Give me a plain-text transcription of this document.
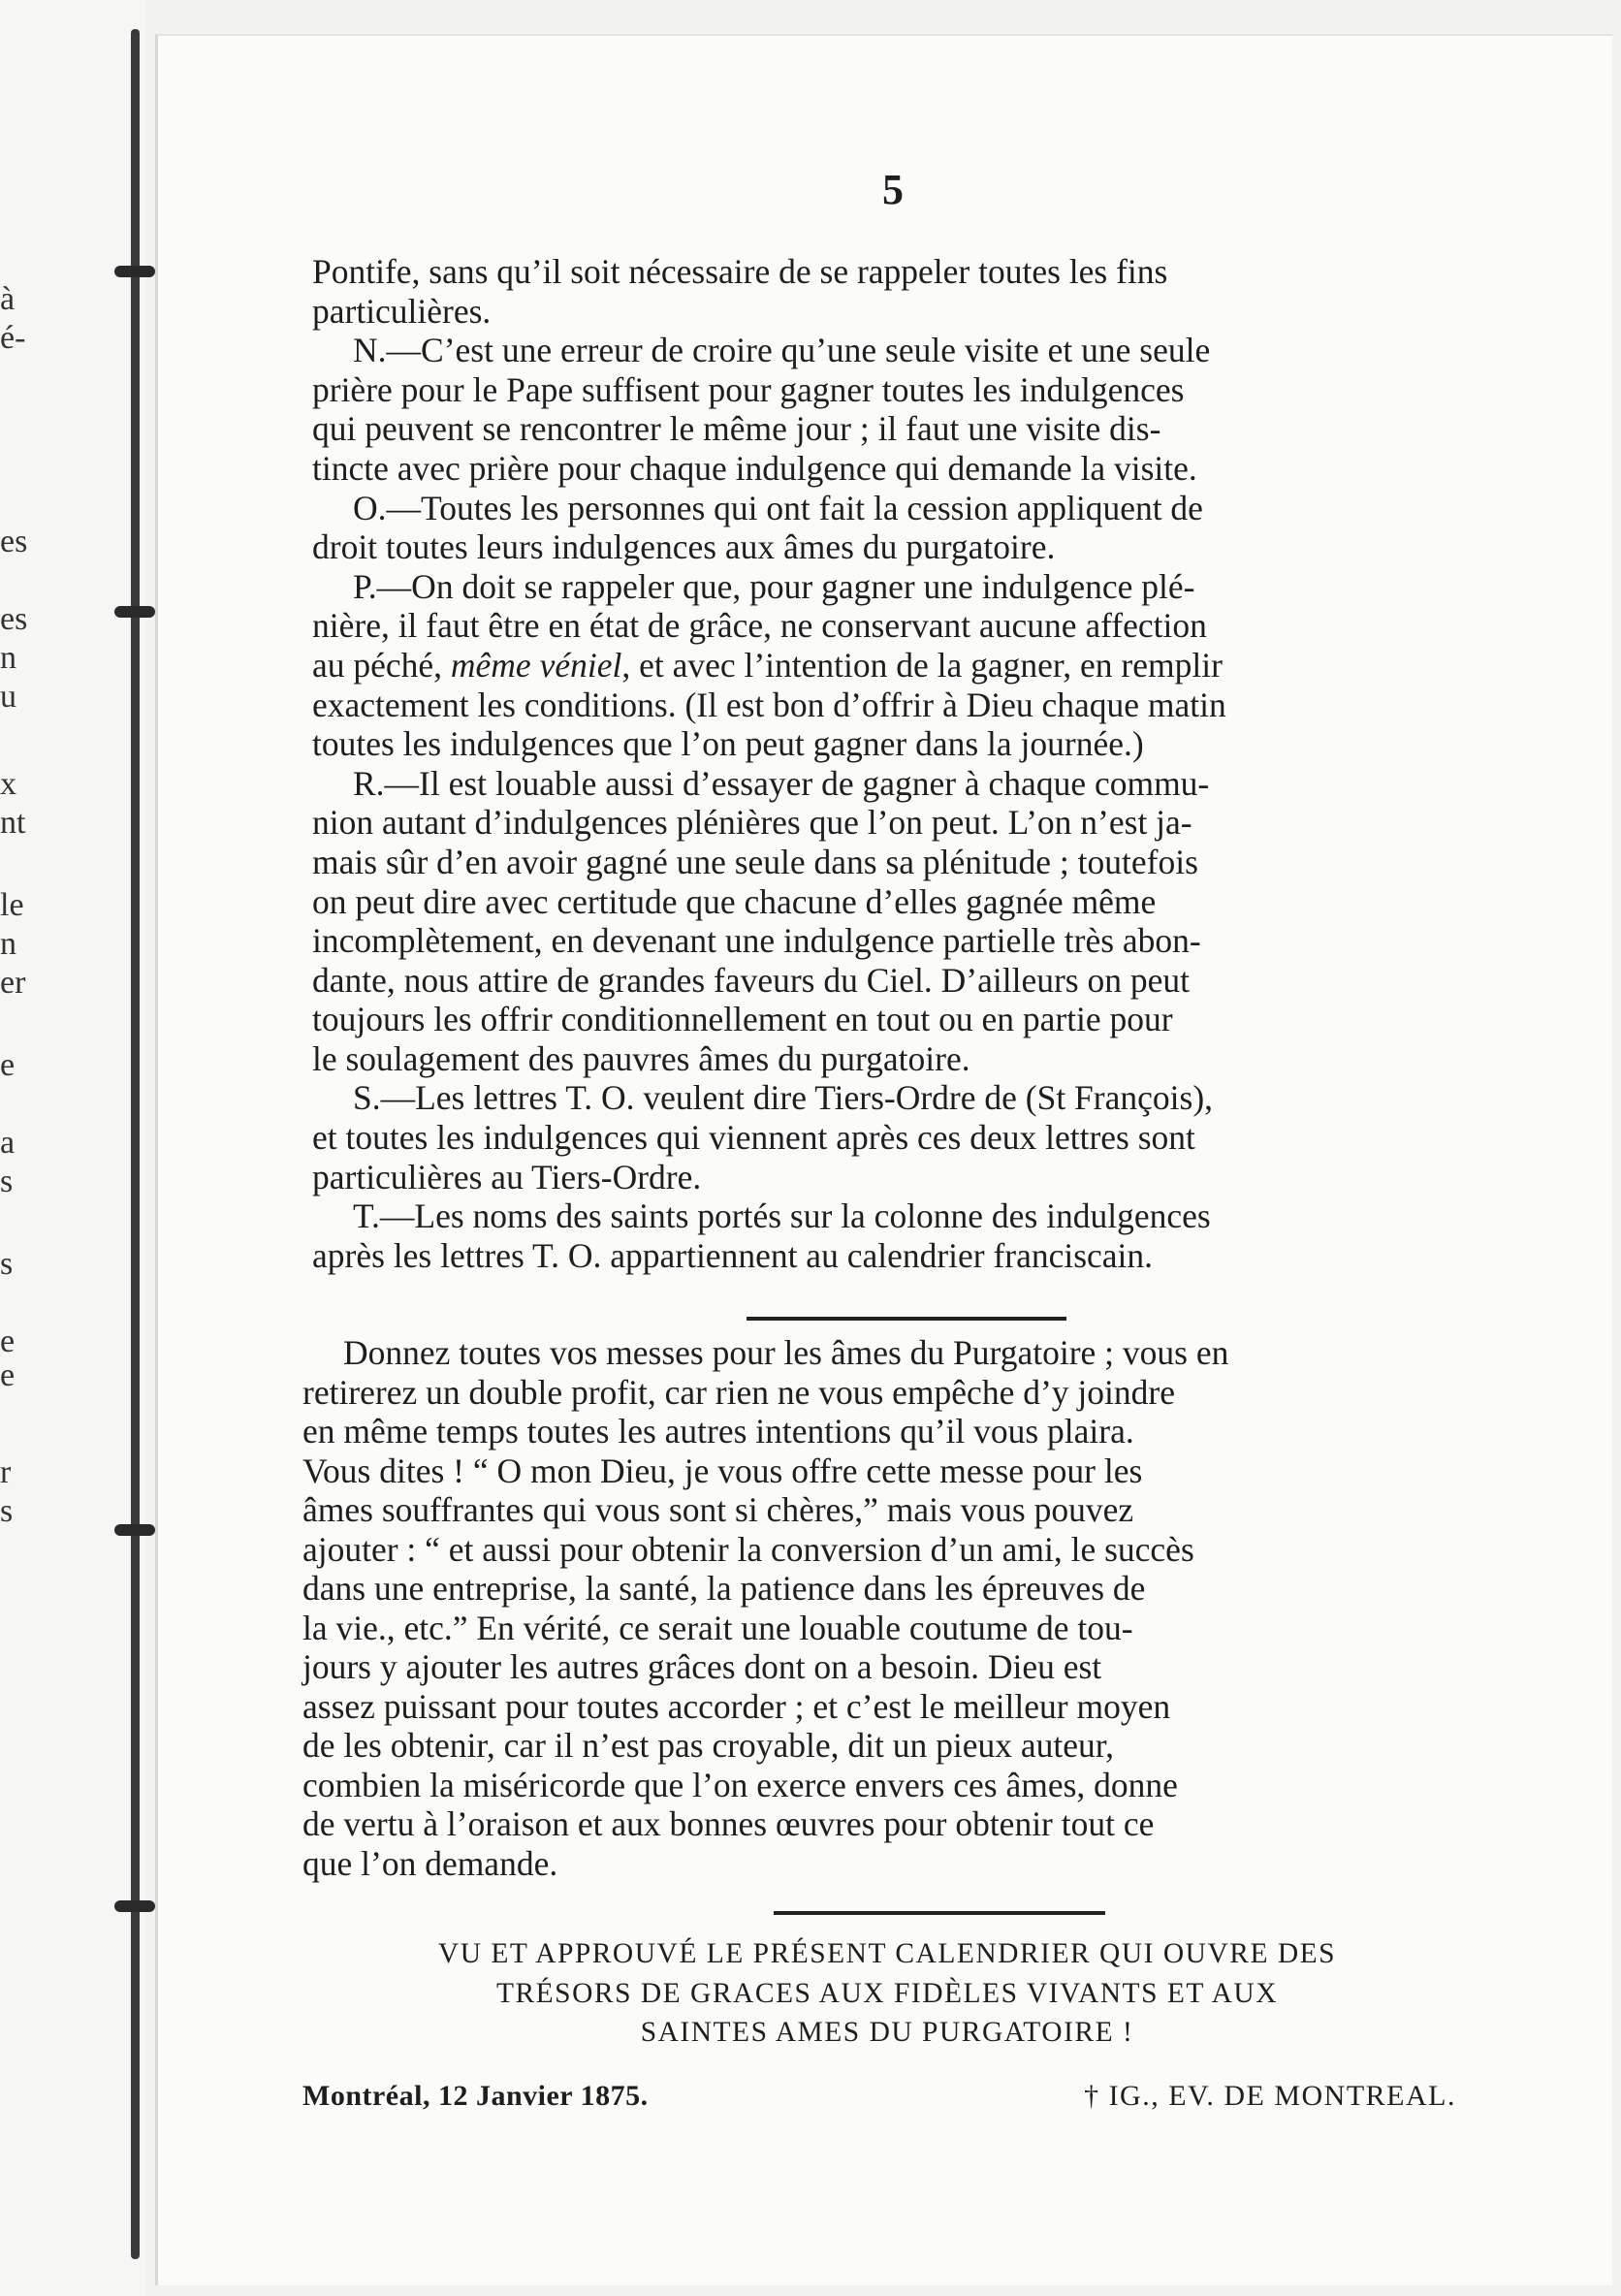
à
é-
es
es
n
u
x
nt
le
n
er
e
a
s
s
e
e
r
s
5

Pontife, sans qu’il soit nécessaire de se rappeler toutes les fins
particulières.

N.—C’est une erreur de croire qu’une seule visite et une seule
prière pour le Pape suffisent pour gagner toutes les indulgences
qui peuvent se rencontrer le même jour ; il faut une visite dis-
tincte avec prière pour chaque indulgence qui demande la visite.

O.—Toutes les personnes qui ont fait la cession appliquent de
droit toutes leurs indulgences aux âmes du purgatoire.

P.—On doit se rappeler que, pour gagner une indulgence plé-
nière, il faut être en état de grâce, ne conservant aucune affection
au péché, même véniel, et avec l’intention de la gagner, en remplir
exactement les conditions. (Il est bon d’offrir à Dieu chaque matin
toutes les indulgences que l’on peut gagner dans la journée.)

R.—Il est louable aussi d’essayer de gagner à chaque commu-
nion autant d’indulgences plénières que l’on peut. L’on n’est ja-
mais sûr d’en avoir gagné une seule dans sa plénitude ; toutefois
on peut dire avec certitude que chacune d’elles gagnée même
incomplètement, en devenant une indulgence partielle très abon-
dante, nous attire de grandes faveurs du Ciel. D’ailleurs on peut
toujours les offrir conditionnellement en tout ou en partie pour
le soulagement des pauvres âmes du purgatoire.

S.—Les lettres T. O. veulent dire Tiers-Ordre de (St François),
et toutes les indulgences qui viennent après ces deux lettres sont
particulières au Tiers-Ordre.

T.—Les noms des saints portés sur la colonne des indulgences
après les lettres T. O. appartiennent au calendrier franciscain.

Donnez toutes vos messes pour les âmes du Purgatoire ; vous en
retirerez un double profit, car rien ne vous empêche d’y joindre
en même temps toutes les autres intentions qu’il vous plaira.
Vous dites ! “ O mon Dieu, je vous offre cette messe pour les
âmes souffrantes qui vous sont si chères,” mais vous pouvez
ajouter : “ et aussi pour obtenir la conversion d’un ami, le succès
dans une entreprise, la santé, la patience dans les épreuves de
la vie., etc.” En vérité, ce serait une louable coutume de tou-
jours y ajouter les autres grâces dont on a besoin. Dieu est
assez puissant pour toutes accorder ; et c’est le meilleur moyen
de les obtenir, car il n’est pas croyable, dit un pieux auteur,
combien la miséricorde que l’on exerce envers ces âmes, donne
de vertu à l’oraison et aux bonnes œuvres pour obtenir tout ce
que l’on demande.

VU ET APPROUVÉ LE PRÉSENT CALENDRIER QUI OUVRE DES
TRÉSORS DE GRACES AUX FIDÈLES VIVANTS ET AUX
SAINTES AMES DU PURGATOIRE !
Montréal, 12 Janvier 1875.	† IG., EV. DE MONTREAL.
